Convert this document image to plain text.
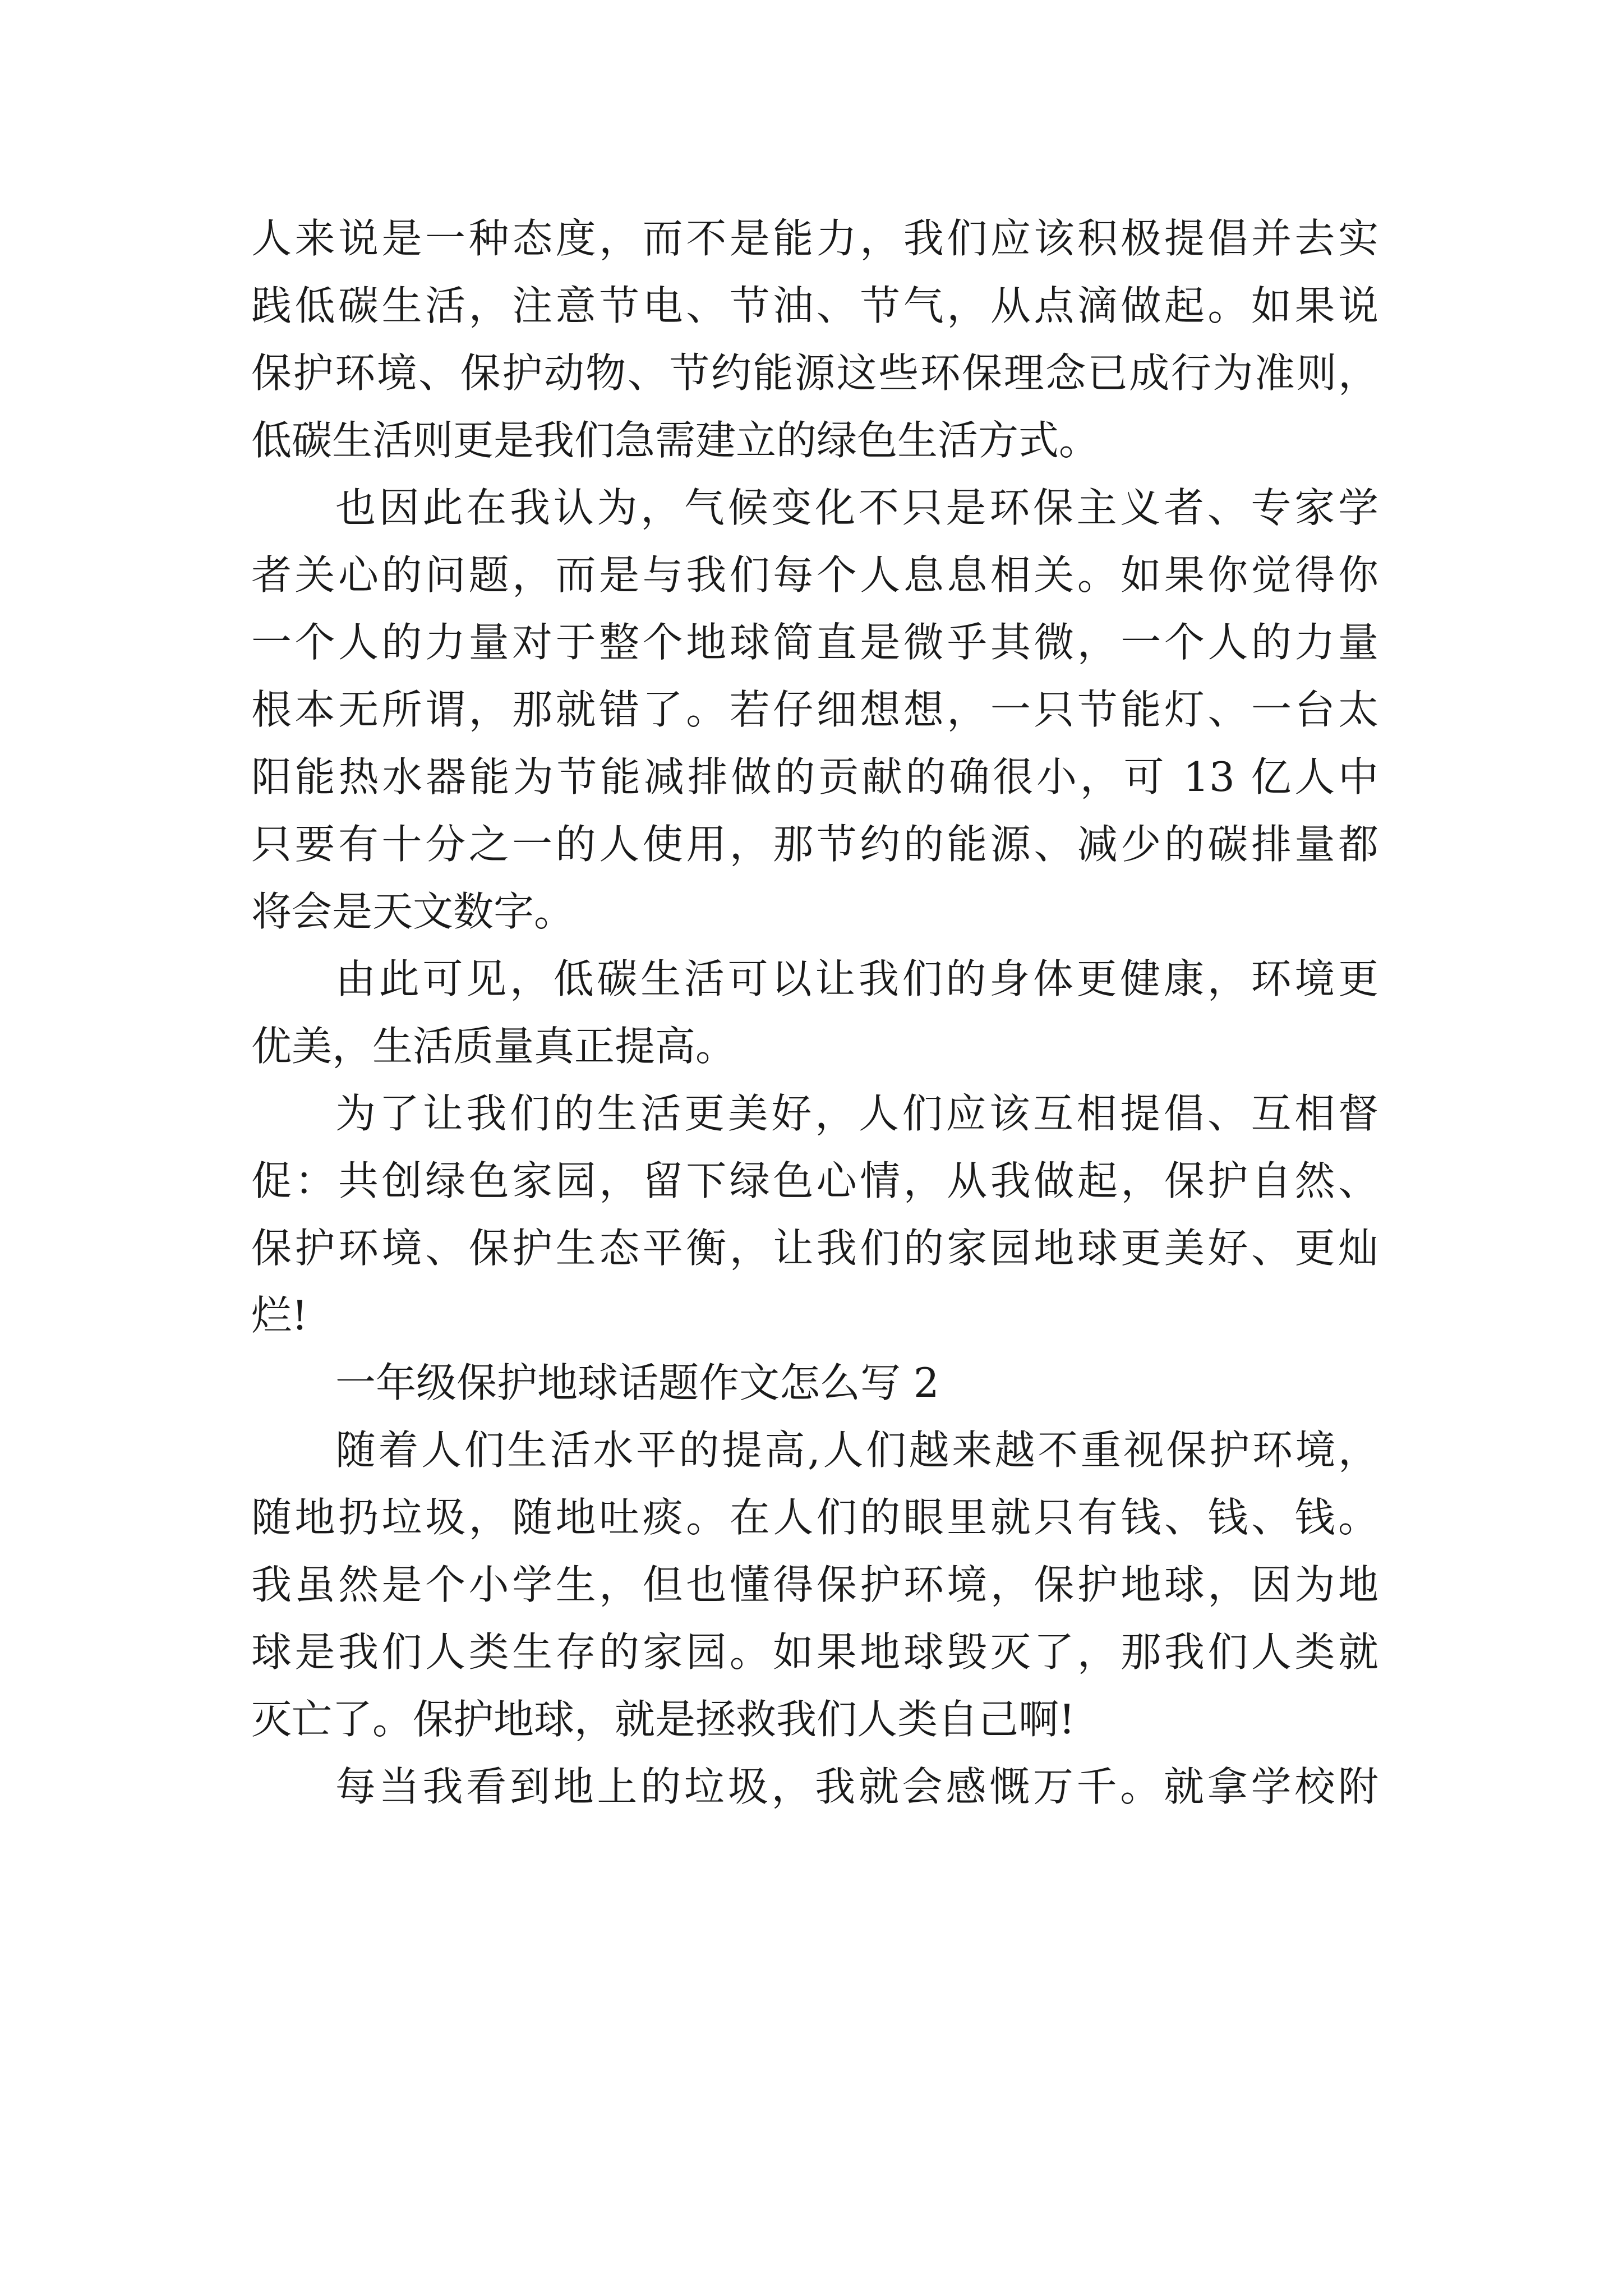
人来说是一种态度，而不是能力，我们应该积极提倡并去实
践低碳生活，注意节电、节油、节气，从点滴做起。如果说
保护环境、保护动物、节约能源这些环保理念已成行为准则，
低碳生活则更是我们急需建立的绿色生活方式。
也因此在我认为，气候变化不只是环保主义者、专家学
者关心的问题，而是与我们每个人息息相关。如果你觉得你
一个人的力量对于整个地球简直是微乎其微，一个人的力量
根本无所谓，那就错了。若仔细想想，一只节能灯、一台太
阳能热水器能为节能减排做的贡献的确很小，可 13 亿人中
只要有十分之一的人使用，那节约的能源、减少的碳排量都
将会是天文数字。
由此可见，低碳生活可以让我们的身体更健康，环境更
优美，生活质量真正提高。
为了让我们的生活更美好，人们应该互相提倡、互相督
促：共创绿色家园，留下绿色心情，从我做起，保护自然、
保护环境、保护生态平衡，让我们的家园地球更美好、更灿
烂!
一年级保护地球话题作文怎么写 2
随着人们生活水平的提高,人们越来越不重视保护环境，
随地扔垃圾，随地吐痰。在人们的眼里就只有钱、钱、钱。
我虽然是个小学生，但也懂得保护环境，保护地球，因为地
球是我们人类生存的家园。如果地球毁灭了，那我们人类就
灭亡了。保护地球，就是拯救我们人类自己啊!
每当我看到地上的垃圾，我就会感慨万千。就拿学校附
